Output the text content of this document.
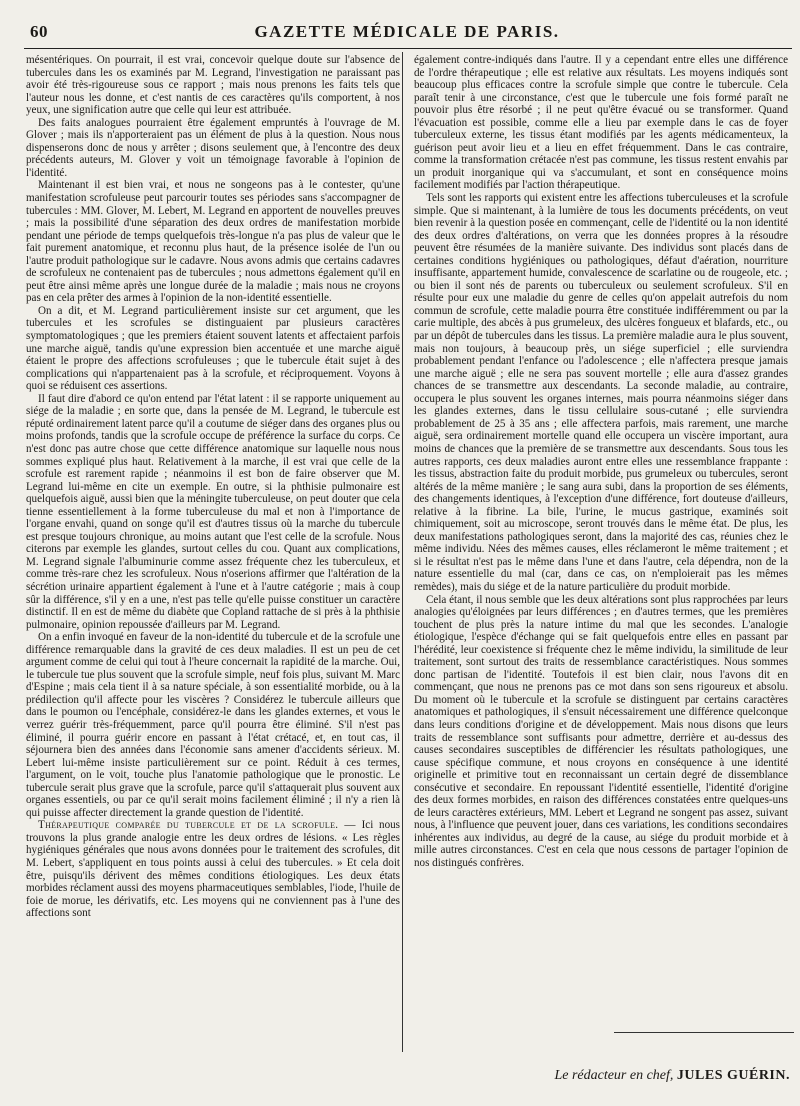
60	GAZETTE MÉDICALE DE PARIS.

mésentériques. On pourrait, il est vrai, concevoir quelque doute sur l'absence de tubercules dans les os examinés par M. Legrand, l'investigation ne paraissant pas avoir été très-rigoureuse sous ce rapport ; mais nous prenons les faits tels que l'auteur nous les donne, et c'est nantis de ces caractères qu'ils comportent, à nos yeux, une signification autre que celle qui leur est attribuée.

Des faits analogues pourraient être également empruntés à l'ouvrage de M. Glover ; mais ils n'apporteraient pas un élément de plus à la question. Nous nous dispenserons donc de nous y arrêter ; disons seulement que, à l'encontre des deux précédents auteurs, M. Glover y voit un témoignage favorable à l'opinion de l'identité.

Maintenant il est bien vrai, et nous ne songeons pas à le contester, qu'une manifestation scrofuleuse peut parcourir toutes ses périodes sans s'accompagner de tubercules : MM. Glover, M. Lebert, M. Legrand en apportent de nouvelles preuves ; mais la possibilité d'une séparation des deux ordres de manifestation morbide pendant une période de temps quelquefois très-longue n'a pas plus de valeur que le fait purement anatomique, et reconnu plus haut, de la présence isolée de l'un ou l'autre produit pathologique sur le cadavre. Nous avons admis que certains cadavres de scrofuleux ne contenaient pas de tubercules ; nous admettons également qu'il en peut être ainsi même après une longue durée de la maladie ; mais nous ne croyons pas en cela prêter des armes à l'opinion de la non-identité essentielle.

On a dit, et M. Legrand particulièrement insiste sur cet argument, que les tubercules et les scrofules se distinguaient par plusieurs caractères symptomatologiques ; que les premiers étaient souvent latents et affectaient parfois une marche aiguë, tandis qu'une expression bien accentuée et une marche aiguë étaient le propre des affections scrofuleuses ; que le tubercule était sujet à des complications qui n'appartenaient pas à la scrofule, et réciproquement. Voyons à quoi se réduisent ces assertions.

Il faut dire d'abord ce qu'on entend par l'état latent : il se rapporte uniquement au siége de la maladie ; en sorte que, dans la pensée de M. Legrand, le tubercule est réputé ordinairement latent parce qu'il a coutume de siéger dans des organes plus ou moins profonds, tandis que la scrofule occupe de préférence la surface du corps. Ce n'est donc pas autre chose que cette différence anatomique sur laquelle nous nous sommes expliqué plus haut. Relativement à la marche, il est vrai que celle de la scrofule est rarement rapide ; néanmoins il est bon de faire observer que M. Legrand lui-même en cite un exemple. En outre, si la phthisie pulmonaire est quelquefois aiguë, aussi bien que la méningite tuberculeuse, on peut douter que cela tienne essentiellement à la forme tuberculeuse du mal et non à l'importance de l'organe envahi, quand on songe qu'il est d'autres tissus où la marche du tubercule est presque toujours chronique, au moins autant que l'est celle de la scrofule. Nous citerons par exemple les glandes, surtout celles du cou. Quant aux complications, M. Legrand signale l'albuminurie comme assez fréquente chez les tuberculeux, et comme très-rare chez les scrofuleux. Nous n'oserions affirmer que l'altération de la sécrétion urinaire appartient également à l'une et à l'autre catégorie ; mais à coup sûr la différence, s'il y en a une, n'est pas telle qu'elle puisse constituer un caractère distinctif. Il en est de même du diabète que Copland rattache de si près à la phthisie pulmonaire, opinion repoussée d'ailleurs par M. Legrand.

On a enfin invoqué en faveur de la non-identité du tubercule et de la scrofule une différence remarquable dans la gravité de ces deux maladies. Il est un peu de cet argument comme de celui qui tout à l'heure concernait la rapidité de la marche. Oui, le tubercule tue plus souvent que la scrofule simple, neuf fois plus, suivant M. Marc d'Espine ; mais cela tient il à sa nature spéciale, à son essentialité morbide, ou à la prédilection qu'il affecte pour les viscères ? Considérez le tubercule ailleurs que dans le poumon ou l'encéphale, considérez-le dans les glandes externes, et vous le verrez guérir très-fréquemment, parce qu'il pourra être éliminé. S'il n'est pas éliminé, il pourra guérir encore en passant à l'état crétacé, et, en tout cas, il séjournera bien des années dans l'économie sans amener d'accidents sérieux. M. Lebert lui-même insiste particulièrement sur ce point. Réduit à ces termes, l'argument, on le voit, touche plus l'anatomie pathologique que le pronostic. Le tubercule serait plus grave que la scrofule, parce qu'il s'attaquerait plus souvent aux organes essentiels, ou par ce qu'il serait moins facilement éliminé ; il n'y a rien là qui puisse affecter directement la grande question de l'identité.

Thérapeutique comparée du tubercule et de la scrofule. — Ici nous trouvons la plus grande analogie entre les deux ordres de lésions. « Les règles hygiéniques générales que nous avons données pour le traitement des scrofules, dit M. Lebert, s'appliquent en tous points aussi à celui des tubercules. » Et cela doit être, puisqu'ils dérivent des mêmes conditions étiologiques. Les deux états morbides réclament aussi des moyens pharmaceutiques semblables, l'iode, l'huile de foie de morue, les dérivatifs, etc. Les moyens qui ne conviennent pas à l'une des affections sont

également contre-indiqués dans l'autre. Il y a cependant entre elles une différence de l'ordre thérapeutique ; elle est relative aux résultats. Les moyens indiqués sont beaucoup plus efficaces contre la scrofule simple que contre le tubercule. Cela paraît tenir à une circonstance, c'est que le tubercule une fois formé paraît ne pouvoir plus être résorbé ; il ne peut qu'être évacué ou se transformer. Quand l'évacuation est possible, comme elle a lieu par exemple dans le cas de foyer tuberculeux externe, les tissus étant modifiés par les agents médicamenteux, la guérison peut avoir lieu et a lieu en effet fréquemment. Dans le cas contraire, comme la transformation crétacée n'est pas commune, les tissus restent envahis par un produit inorganique qui va s'accumulant, et sont en conséquence moins facilement modifiés par l'action thérapeutique.

Tels sont les rapports qui existent entre les affections tuberculeuses et la scrofule simple. Que si maintenant, à la lumière de tous les documents précédents, on veut bien revenir à la question posée en commençant, celle de l'identité ou la non identité des deux ordres d'altérations, on verra que les données propres à la résoudre peuvent être résumées de la manière suivante. Des individus sont placés dans de certaines conditions hygiéniques ou pathologiques, défaut d'aération, nourriture insuffisante, appartement humide, convalescence de scarlatine ou de rougeole, etc. ; ou bien il sont nés de parents ou tuberculeux ou seulement scrofuleux. S'il en résulte pour eux une maladie du genre de celles qu'on appelait autrefois du nom commun de scrofule, cette maladie pourra être constituée indifféremment ou par la carie multiple, des abcès à pus grumeleux, des ulcères fongueux et blafards, etc., ou par un dépôt de tubercules dans les tissus. La première maladie aura le plus souvent, mais non toujours, à beaucoup près, un siége superficiel ; elle surviendra probablement pendant l'enfance ou l'adolescence ; elle n'affectera presque jamais une marche aiguë ; elle ne sera pas souvent mortelle ; elle aura d'assez grandes chances de se transmettre aux descendants. La seconde maladie, au contraire, occupera le plus souvent les organes internes, mais pourra néanmoins siéger dans les glandes externes, dans le tissu cellulaire sous-cutané ; elle surviendra probablement de 25 à 35 ans ; elle affectera parfois, mais rarement, une marche aiguë, sera ordinairement mortelle quand elle occupera un viscère important, aura moins de chances que la première de se transmettre aux descendants. Sous tous les autres rapports, ces deux maladies auront entre elles une ressemblance frappante : les tissus, abstraction faite du produit morbide, pus grumeleux ou tubercules, seront altérés de la même manière ; le sang aura subi, dans la proportion de ses éléments, des changements identiques, à l'exception d'une différence, fort douteuse d'ailleurs, relative à la fibrine. La bile, l'urine, le mucus gastrique, examinés soit chimiquement, soit au microscope, seront trouvés dans le même état. De plus, les deux manifestations pathologiques seront, dans la majorité des cas, réunies chez le même individu. Nées des mêmes causes, elles réclameront le même traitement ; et si le résultat n'est pas le même dans l'une et dans l'autre, cela dépendra, non de la nature essentielle du mal (car, dans ce cas, on n'emploierait pas les mêmes remèdes), mais du siége et de la nature particulière du produit morbide.

Cela étant, il nous semble que les deux altérations sont plus rapprochées par leurs analogies qu'éloignées par leurs différences ; en d'autres termes, que les premières touchent de plus près la nature intime du mal que les secondes. L'analogie étiologique, l'espèce d'échange qui se fait quelquefois entre elles en passant par l'hérédité, leur coexistence si fréquente chez le même individu, la similitude de leur traitement, sont surtout des traits de ressemblance caractéristiques. Nous sommes donc partisan de l'identité. Toutefois il est bien clair, nous l'avons dit en commençant, que nous ne prenons pas ce mot dans son sens rigoureux et absolu. Du moment où le tubercule et la scrofule se distinguent par certains caractères anatomiques et pathologiques, il s'ensuit nécessairement une différence quelconque dans leurs conditions d'origine et de développement. Mais nous disons que leurs traits de ressemblance sont suffisants pour admettre, derrière et au-dessus des causes secondaires susceptibles de différencier les résultats pathologiques, une cause spécifique commune, et nous croyons en conséquence à une identité originelle et primitive tout en reconnaissant un certain degré de dissemblance consécutive et secondaire. En repoussant l'identité essentielle, l'identité d'origine des deux formes morbides, en raison des différences constatées entre quelques-uns de leurs caractères extérieurs, MM. Lebert et Legrand ne songent pas assez, suivant nous, à l'influence que peuvent jouer, dans ces variations, les conditions secondaires inhérentes aux individus, au degré de la cause, au siége du produit morbide et à mille autres circonstances. C'est en cela que nous cessons de partager l'opinion de nos distingués confrères.

Le rédacteur en chef, JULES GUÉRIN.
